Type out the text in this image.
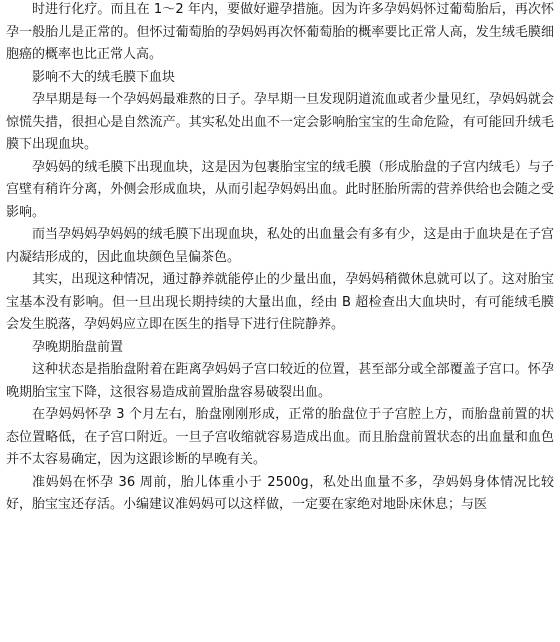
时进行化疗。而且在 1～2 年内，要做好避孕措施。因为许多孕妈妈怀过葡萄胎后，再次怀孕一般胎儿是正常的。但怀过葡萄胎的孕妈妈再次怀葡萄胎的概率要比正常人高，发生绒毛膜细胞癌的概率也比正常人高。

影响不大的绒毛膜下血块

孕早期是每一个孕妈妈最难熬的日子。孕早期一旦发现阴道流血或者少量见红，孕妈妈就会惊慌失措，很担心是自然流产。其实私处出血不一定会影响胎宝宝的生命危险，有可能回升绒毛膜下出现血块。

孕妈妈的绒毛膜下出现血块，这是因为包裹胎宝宝的绒毛膜（形成胎盘的子宫内绒毛）与子宫壁有稍许分离，外侧会形成血块，从而引起孕妈妈出血。此时胚胎所需的营养供给也会随之受影响。

而当孕妈妈孕妈妈的绒毛膜下出现血块，私处的出血量会有多有少，这是由于血块是在子宫内凝结形成的，因此血块颜色呈偏茶色。

其实，出现这种情况，通过静养就能停止的少量出血，孕妈妈稍微休息就可以了。这对胎宝宝基本没有影响。但一旦出现长期持续的大量出血，经由 B 超检查出大血块时，有可能绒毛膜会发生脱落，孕妈妈应立即在医生的指导下进行住院静养。

孕晚期胎盘前置

这种状态是指胎盘附着在距离孕妈妈子宫口较近的位置，甚至部分或全部覆盖子宫口。怀孕晚期胎宝宝下降，这很容易造成前置胎盘容易破裂出血。

在孕妈妈怀孕 3 个月左右，胎盘刚刚形成，正常的胎盘位于子宫腔上方，而胎盘前置的状态位置略低，在子宫口附近。一旦子宫收缩就容易造成出血。而且胎盘前置状态的出血量和血色并不太容易确定，因为这跟诊断的早晚有关。

准妈妈在怀孕 36 周前，胎儿体重小于 2500g，私处出血量不多，孕妈妈身体情况比较好，胎宝宝还存活。小编建议准妈妈可以这样做，一定要在家绝对地卧床休息；与医
